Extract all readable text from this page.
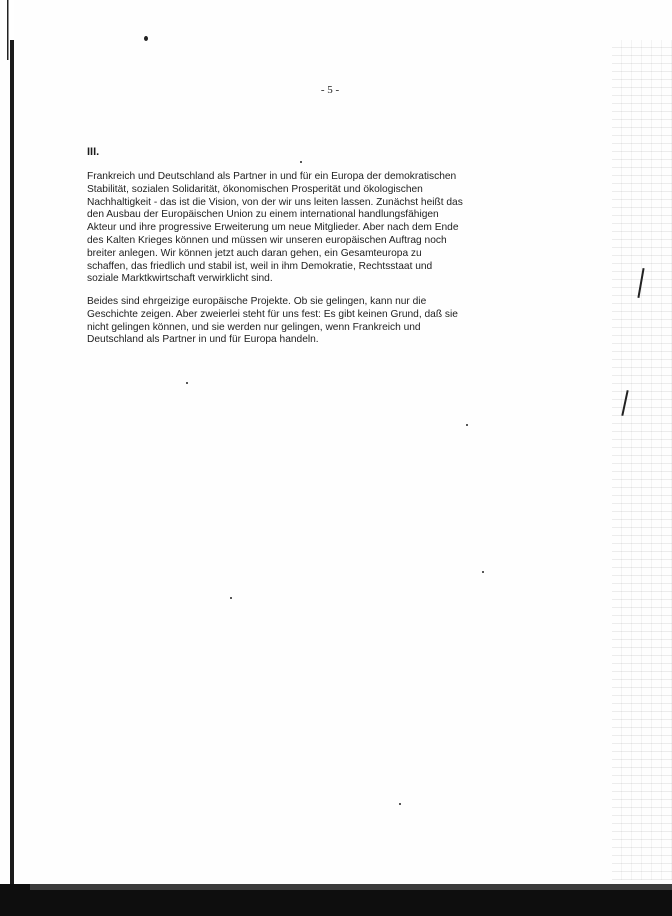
- 5 -
III.

Frankreich und Deutschland als Partner in und für ein Europa der demokratischen
Stabilität, sozialen Solidarität, ökonomischen Prosperität und ökologischen
Nachhaltigkeit - das ist die Vision, von der wir uns leiten lassen. Zunächst heißt das
den Ausbau der Europäischen Union zu einem international handlungsfähigen
Akteur und ihre progressive Erweiterung um neue Mitglieder. Aber nach dem Ende
des Kalten Krieges können und müssen wir unseren europäischen Auftrag noch
breiter anlegen. Wir können jetzt auch daran gehen, ein Gesamteuropa zu
schaffen, das friedlich und stabil ist, weil in ihm Demokratie, Rechtsstaat und
soziale Marktkwirtschaft verwirklicht sind.

Beides sind ehrgeizige europäische Projekte. Ob sie gelingen, kann nur die
Geschichte zeigen. Aber zweierlei steht für uns fest: Es gibt keinen Grund, daß sie
nicht gelingen können, und sie werden nur gelingen, wenn Frankreich und
Deutschland als Partner in und für Europa handeln.
